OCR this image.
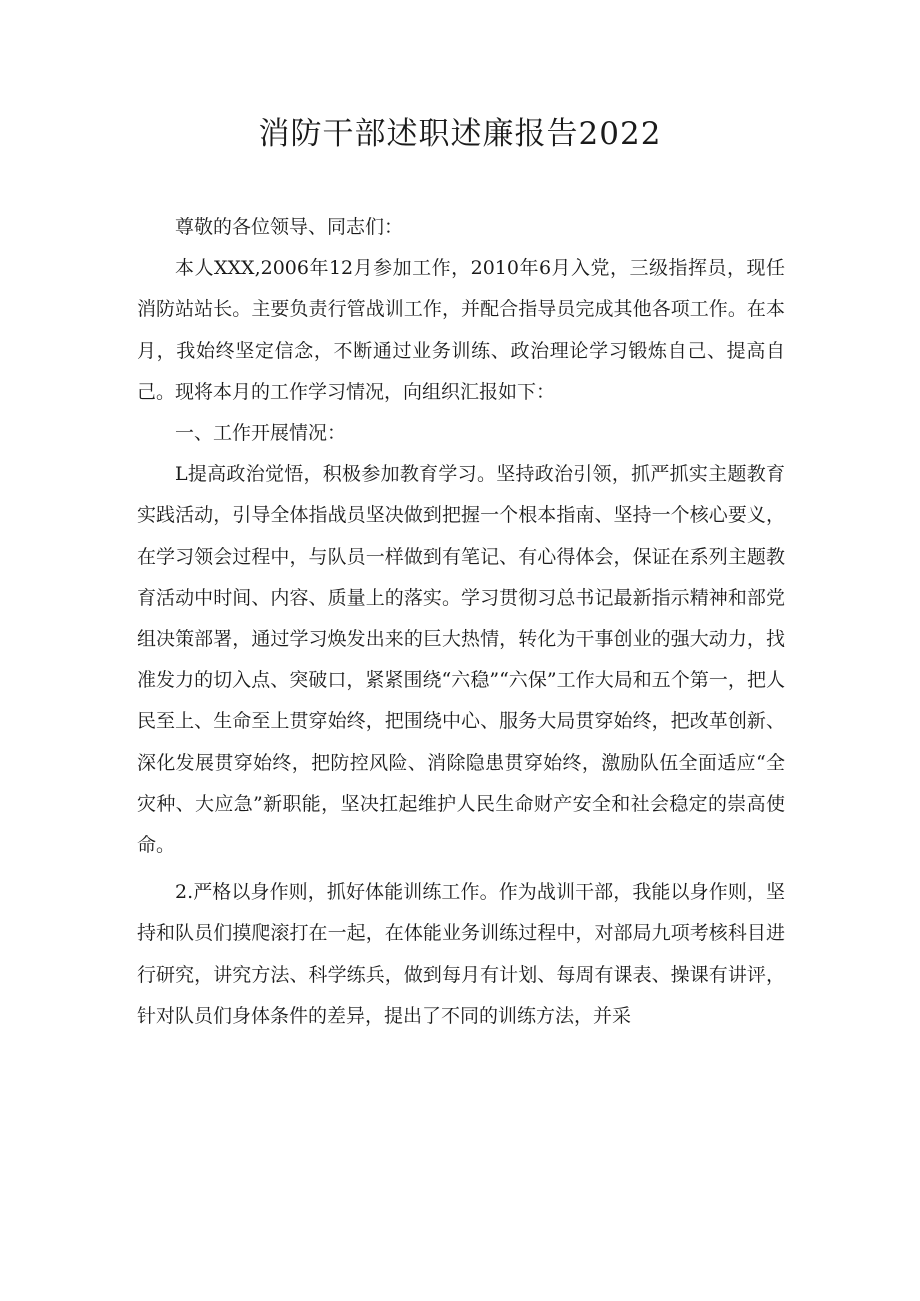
消防干部述职述廉报告2022

尊敬的各位领导、同志们：

本人XXX,2006年12月参加工作，2010年6月入党，三级指挥员，现任消防站站长。主要负责行管战训工作，并配合指导员完成其他各项工作。在本月，我始终坚定信念，不断通过业务训练、政治理论学习锻炼自己、提高自己。现将本月的工作学习情况，向组织汇报如下：

一、工作开展情况：

L提高政治觉悟，积极参加教育学习。坚持政治引领，抓严抓实主题教育实践活动，引导全体指战员坚决做到把握一个根本指南、坚持一个核心要义，在学习领会过程中，与队员一样做到有笔记、有心得体会，保证在系列主题教育活动中时间、内容、质量上的落实。学习贯彻习总书记最新指示精神和部党组决策部署，通过学习焕发出来的巨大热情，转化为干事创业的强大动力，找准发力的切入点、突破口，紧紧围绕“六稳”“六保”工作大局和五个第一，把人民至上、生命至上贯穿始终，把围绕中心、服务大局贯穿始终，把改革创新、深化发展贯穿始终，把防控风险、消除隐患贯穿始终，激励队伍全面适应“全灾种、大应急”新职能，坚决扛起维护人民生命财产安全和社会稳定的崇高使命。

2.严格以身作则，抓好体能训练工作。作为战训干部，我能以身作则，坚持和队员们摸爬滚打在一起，在体能业务训练过程中，对部局九项考核科目进行研究，讲究方法、科学练兵，做到每月有计划、每周有课表、操课有讲评，针对队员们身体条件的差异，提出了不同的训练方法，并采
